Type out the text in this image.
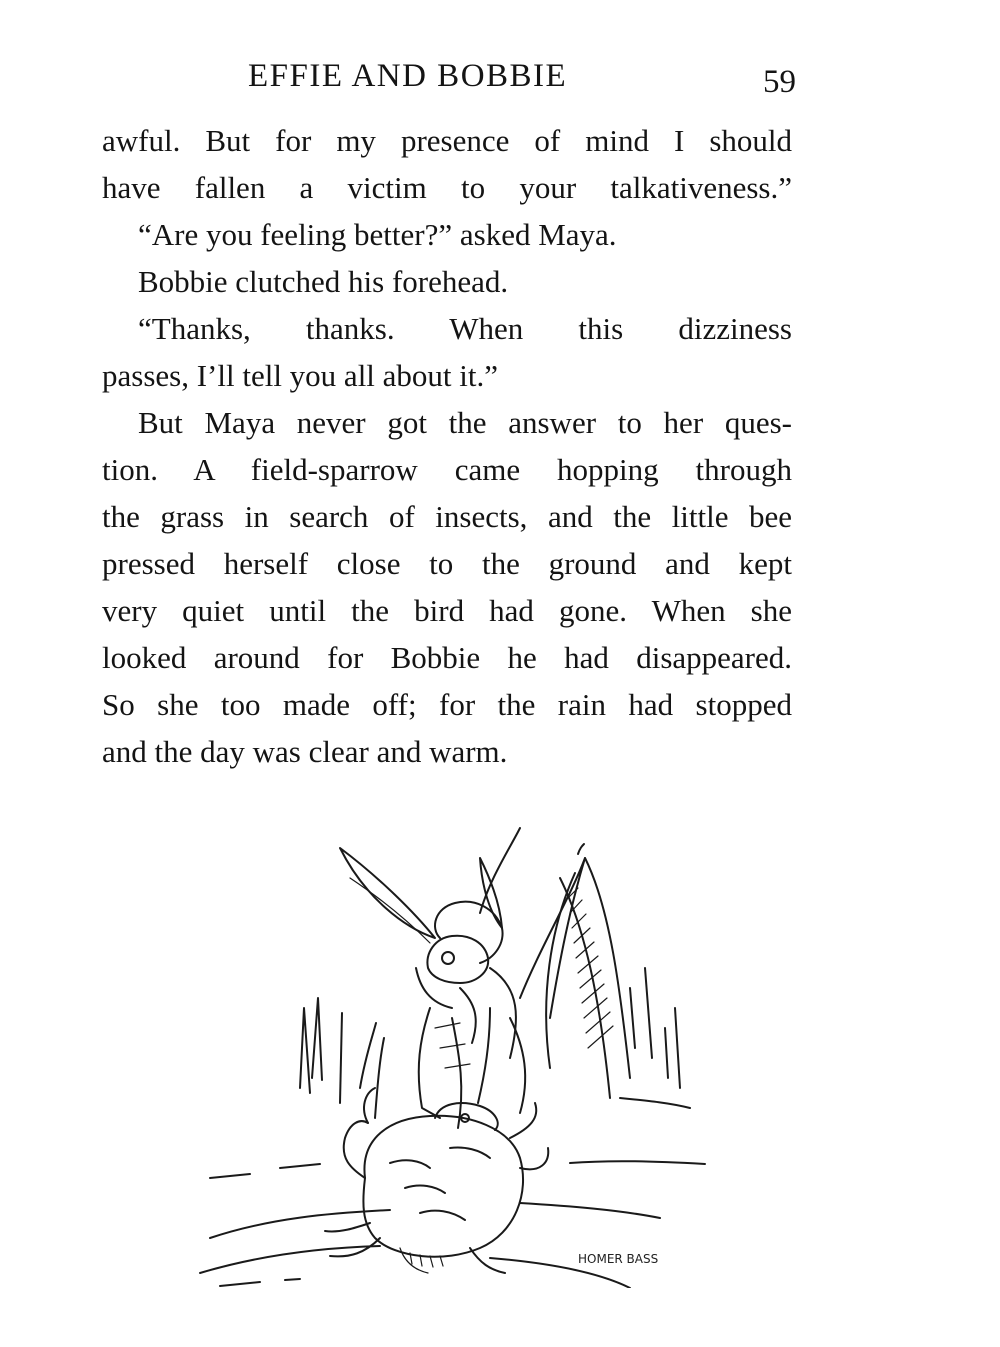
EFFIE AND BOBBIE	59
awful. But for my presence of mind I should
have fallen a victim to your talkativeness.”
“Are you feeling better?” asked Maya.
Bobbie clutched his forehead.
“Thanks, thanks. When this dizziness
passes, I’ll tell you all about it.”
But Maya never got the answer to her ques-
tion. A field-sparrow came hopping through
the grass in search of insects, and the little bee
pressed herself close to the ground and kept
very quiet until the bird had gone. When she
looked around for Bobbie he had disappeared.
So she too made off; for the rain had stopped
and the day was clear and warm.
HOMER BASS
